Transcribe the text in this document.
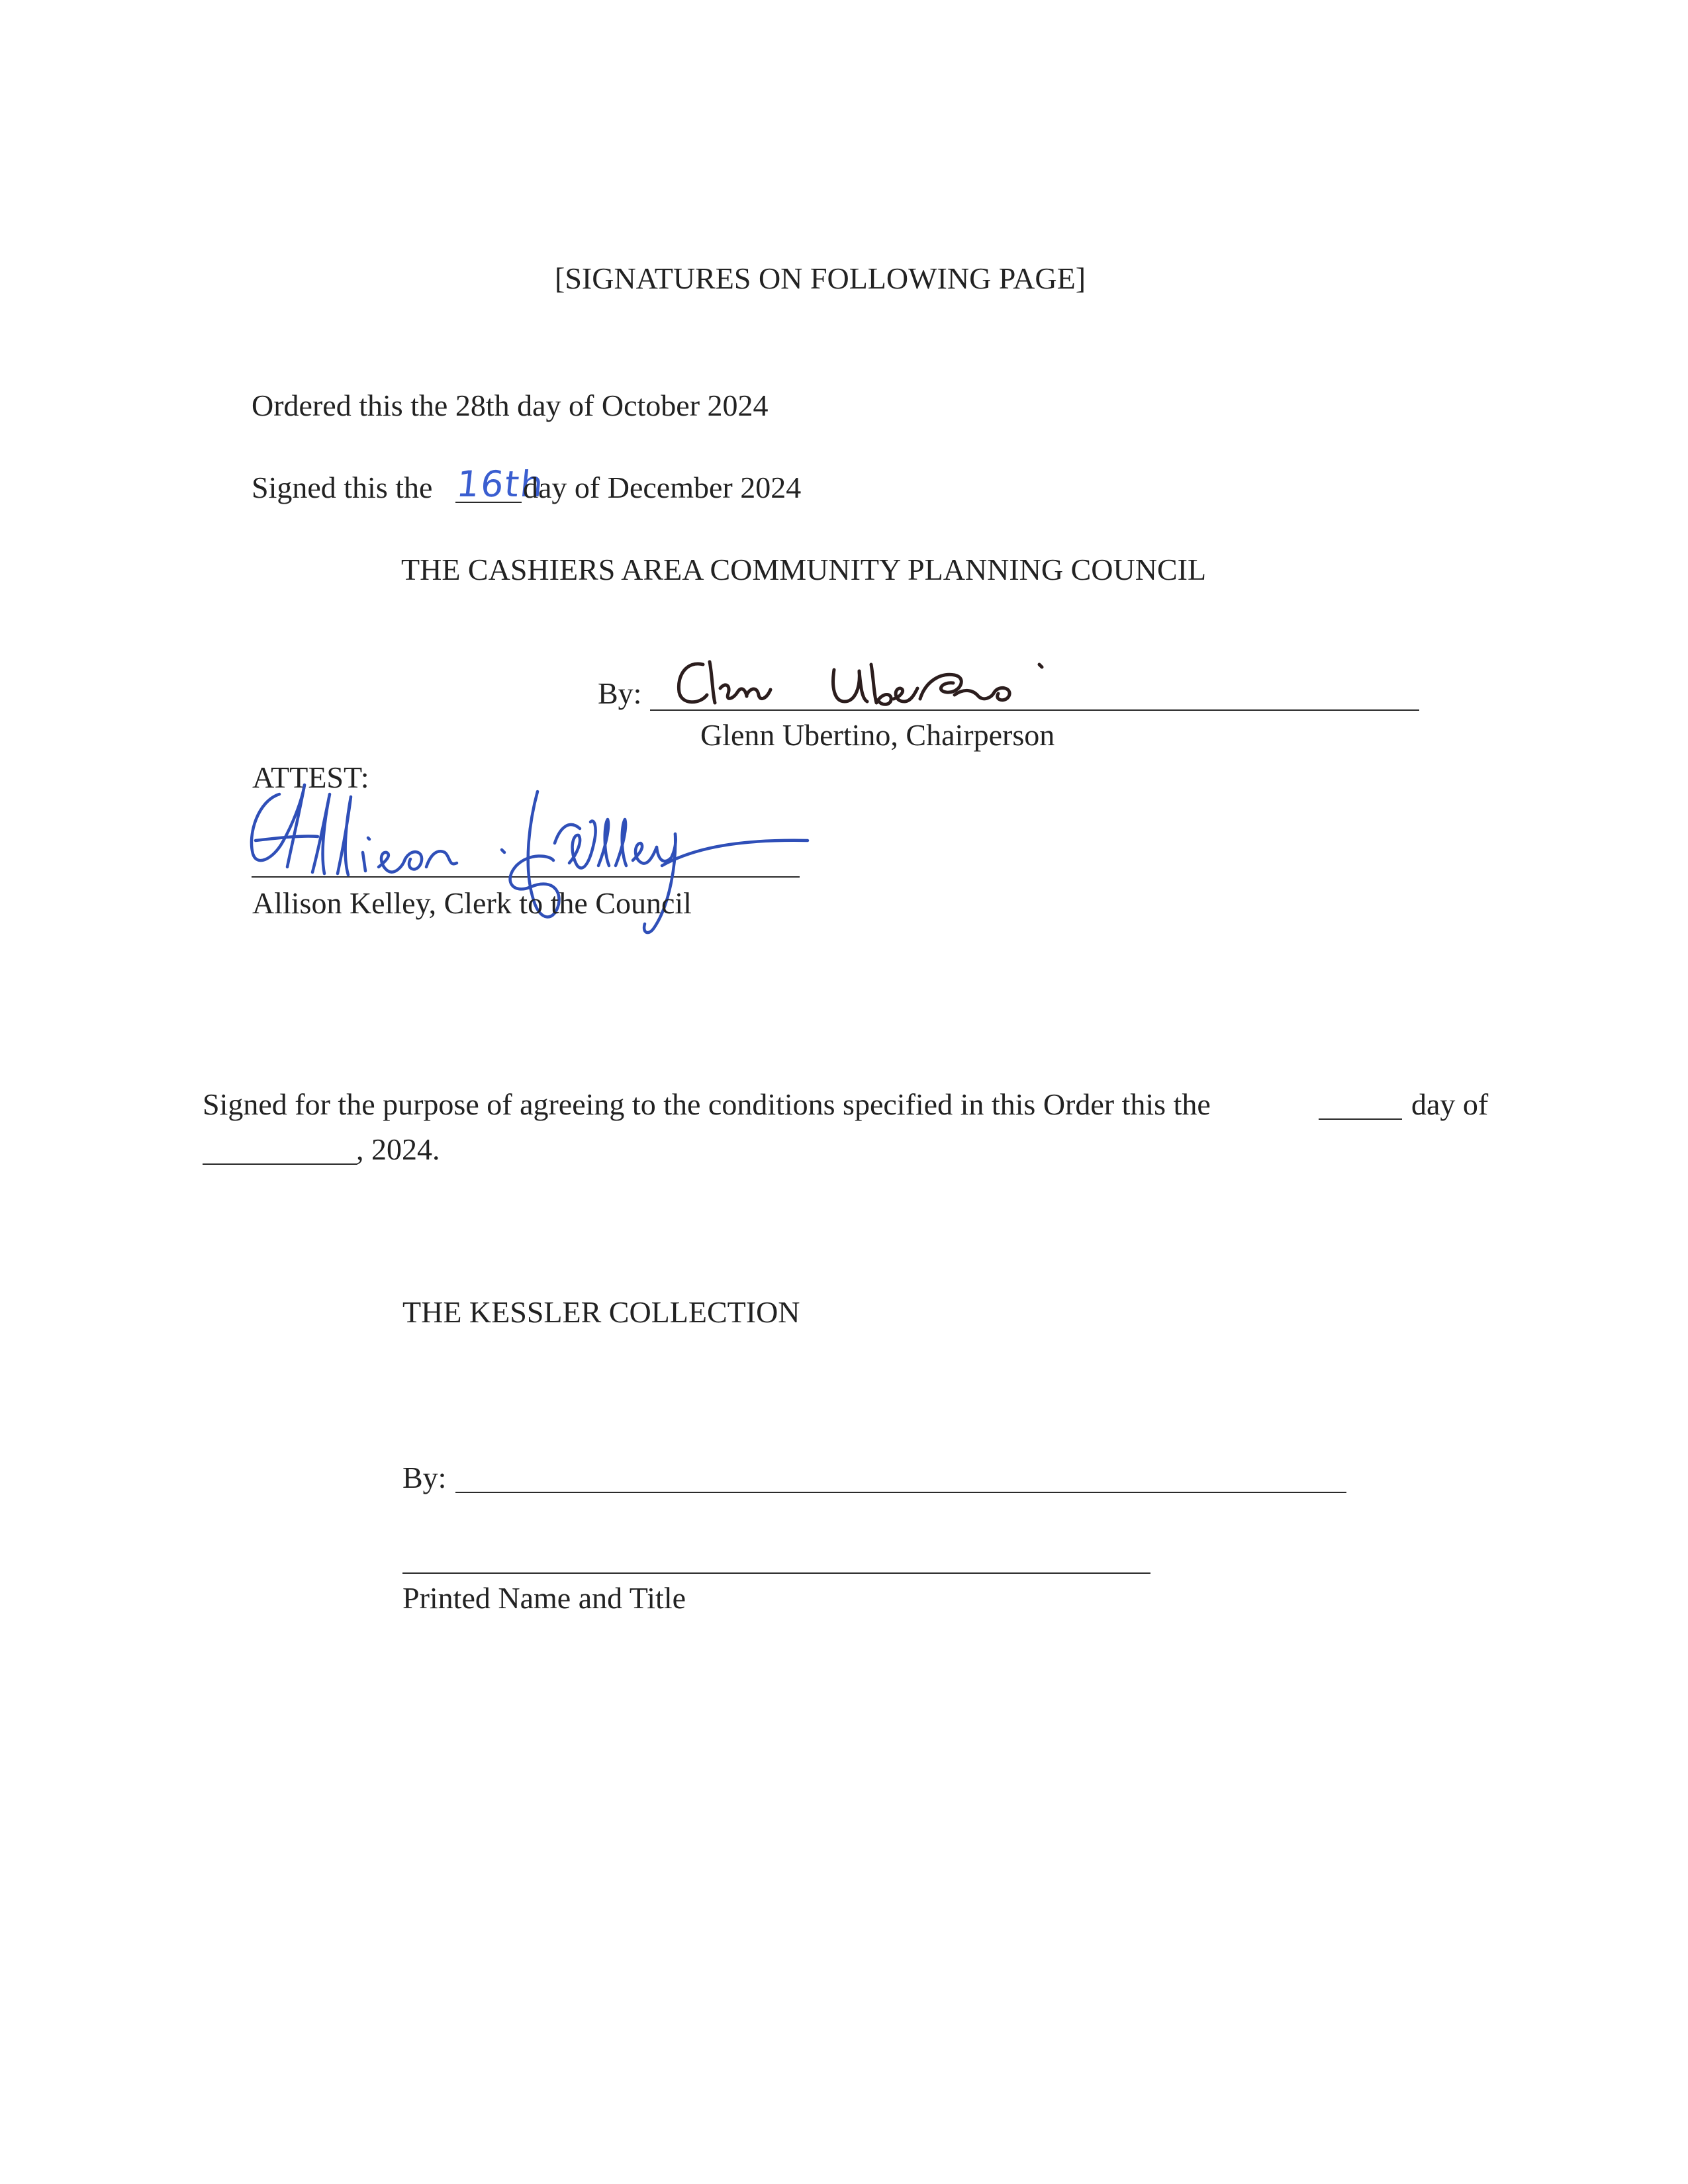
[SIGNATURES ON FOLLOWING PAGE]
Ordered this the 28th day of October 2024
Signed this the 16th
day of December 2024
THE CASHIERS AREA COMMUNITY PLANNING COUNCIL
By:
Glenn Ubertino, Chairperson
ATTEST:
Allison Kelley, Clerk to the Council
Signed for the purpose of agreeing to the conditions specified in this Order this the	day of
, 2024.
THE KESSLER COLLECTION
By:
Printed Name and Title
